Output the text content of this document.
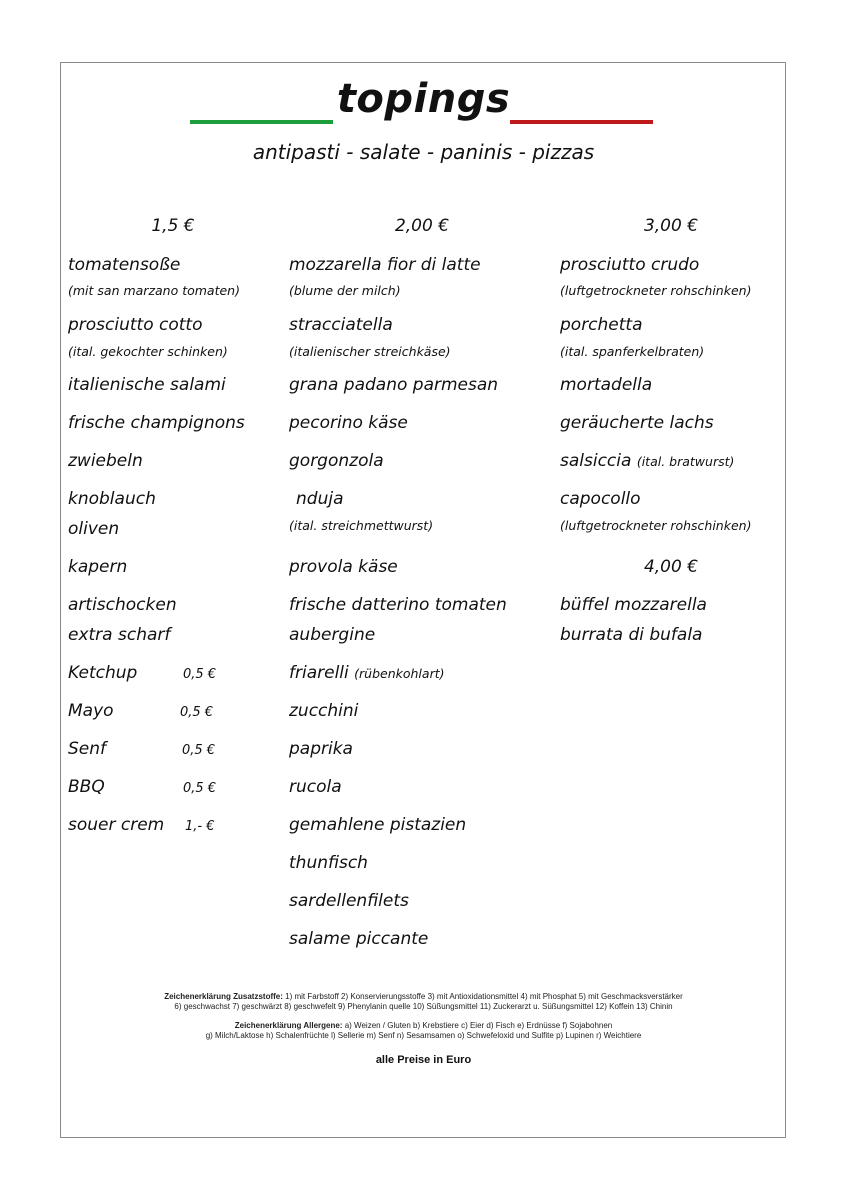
topings
antipasti - salate - paninis - pizzas
1,5 €
tomatensoße
(mit san marzano tomaten)
prosciutto cotto
(ital. gekochter schinken)
italienische salami
frische champignons
zwiebeln
knoblauch
oliven
kapern
artischocken
extra scharf
Ketchup	0,5 €
Mayo	0,5 €
Senf	0,5 €
BBQ	0,5 €
souer crem 1,- €
2,00 €
mozzarella fior di latte
(blume der milch)
stracciatella
(italienischer streichkäse)
grana padano parmesan
pecorino käse
gorgonzola
nduja
(ital. streichmettwurst)
provola käse
frische datterino tomaten
aubergine
friarelli (rübenkohlart)
zucchini
paprika
rucola
gemahlene pistazien
thunfisch
sardellenfilets
salame piccante
3,00 €
prosciutto crudo
(luftgetrockneter rohschinken)
porchetta
(ital. spanferkelbraten)
mortadella
geräucherte lachs
salsiccia (ital. bratwurst)
capocollo
(luftgetrockneter rohschinken)
4,00 €
büffel mozzarella
burrata di bufala
Zeichenerklärung Zusatzstoffe: 1) mit Farbstoff 2) Konservierungsstoffe 3) mit Antioxidationsmittel 4) mit Phosphat 5) mit Geschmacksverstärker
6) geschwachst 7) geschwärzt 8) geschwefelt 9) Phenylanin quelle 10) Süßungsmittel 11) Zuckerarzt u. Süßungsmittel 12) Koffein 13) Chinin
Zeichenerklärung Allergene: a) Weizen / Gluten b) Krebstiere c) Eier d) Fisch e) Erdnüsse f) Sojabohnen
g) Milch/Laktose h) Schalenfrüchte l) Sellerie m) Senf n) Sesamsamen o) Schwefeloxid und Sulfite p) Lupinen r) Weichtiere
alle Preise in Euro
